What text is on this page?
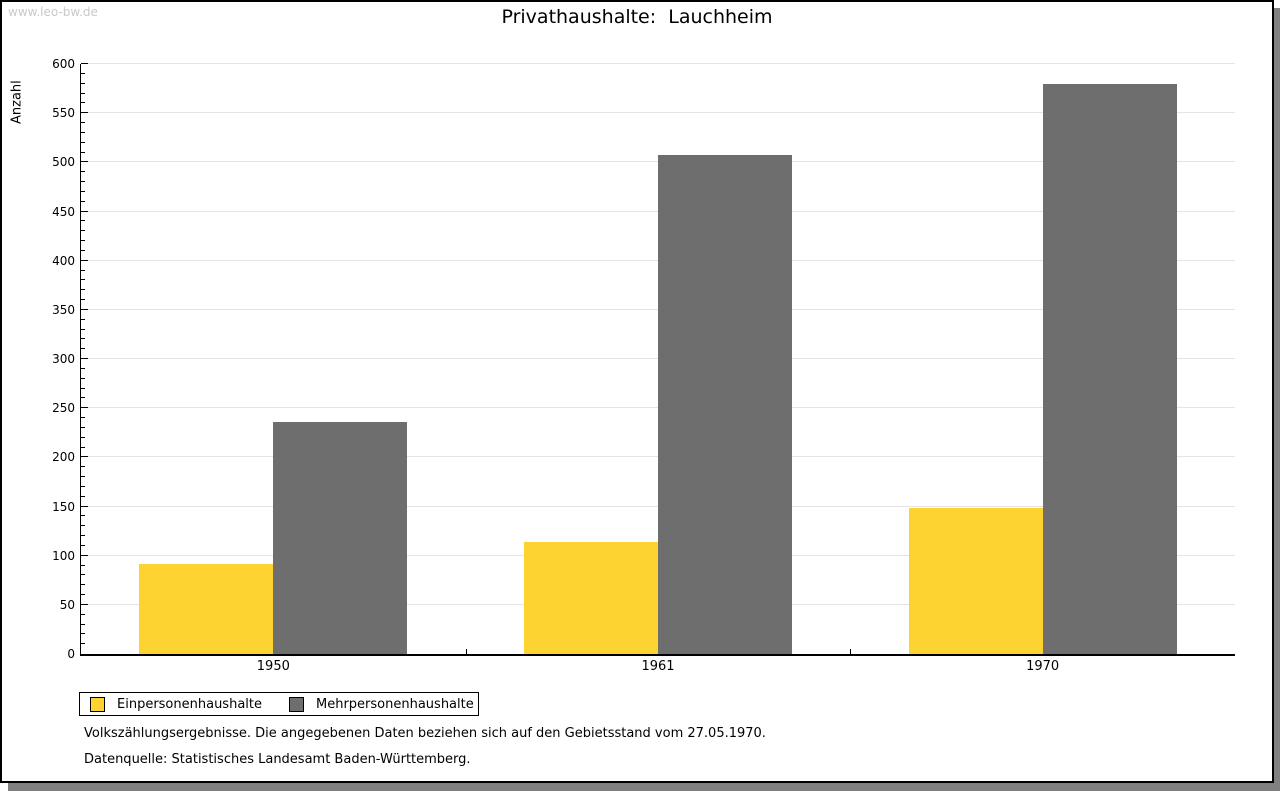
www.leo-bw.de	Privathaushalte:  Lauchheim
Anzahl
0
50
100
150
200
250
300
350
400
450
500
550
600
1950	1961	1970
Einpersonenhaushalte	Mehrpersonenhaushalte
Volkszählungsergebnisse. Die angegebenen Daten beziehen sich auf den Gebietsstand vom 27.05.1970.
Datenquelle: Statistisches Landesamt Baden-Württemberg.
